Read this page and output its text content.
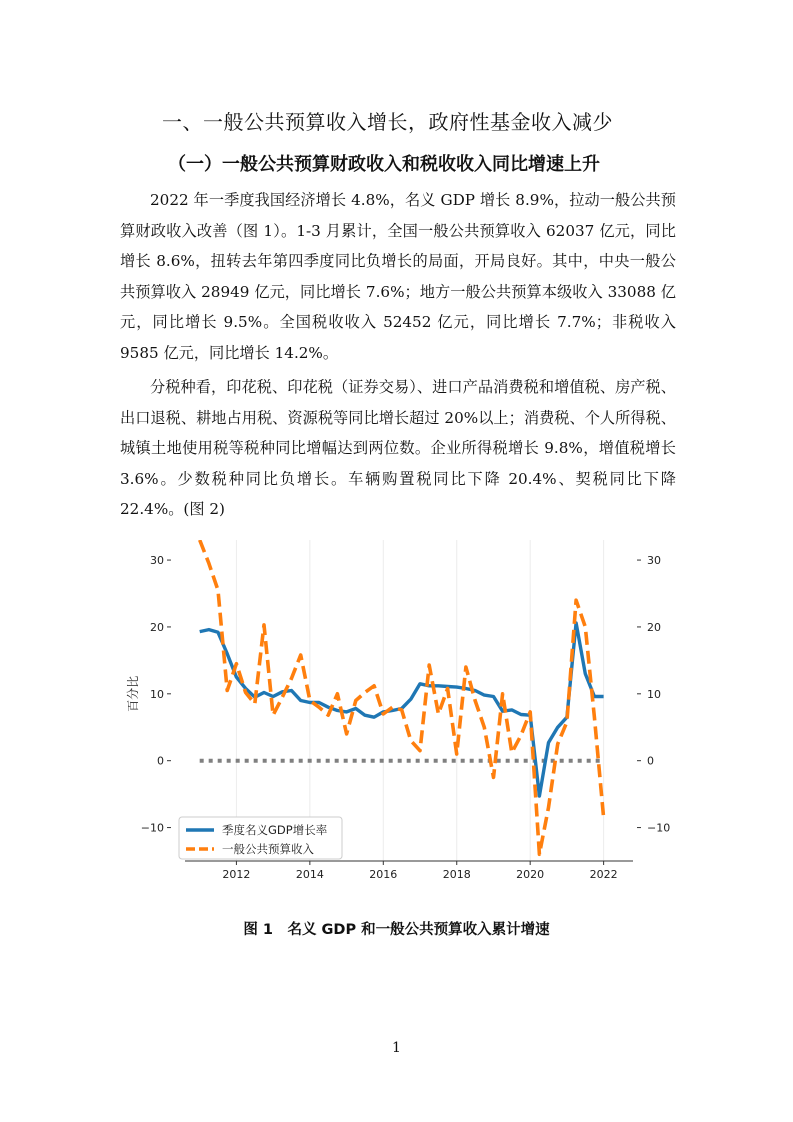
一、一般公共预算收入增长，政府性基金收入减少
（一）一般公共预算财政收入和税收收入同比增速上升

2022 年一季度我国经济增长 4.8%，名义 GDP 增长 8.9%，拉动一般公共预算财政收入改善（图 1）。1-3 月累计，全国一般公共预算收入 62037 亿元，同比增长 8.6%，扭转去年第四季度同比负增长的局面，开局良好。其中，中央一般公共预算收入 28949 亿元，同比增长 7.6%；地方一般公共预算本级收入 33088 亿元，同比增长 9.5%。全国税收收入 52452 亿元，同比增长 7.7%；非税收入 9585 亿元，同比增长 14.2%。

分税种看，印花税、印花税（证券交易）、进口产品消费税和增值税、房产税、出口退税、耕地占用税、资源税等同比增长超过 20%以上；消费税、个人所得税、城镇土地使用税等税种同比增幅达到两位数。企业所得税增长 9.8%，增值税增长 3.6%。少数税种同比负增长。车辆购置税同比下降 20.4%、契税同比下降 22.4%。(图 2)

2012	2014	2016	2018	2020	2022
−10	−10
0	0
10	10
20	20
30	30
百分比
季度名义GDP增长率
一般公共预算收入
图 1　名义 GDP 和一般公共预算收入累计增速
1
